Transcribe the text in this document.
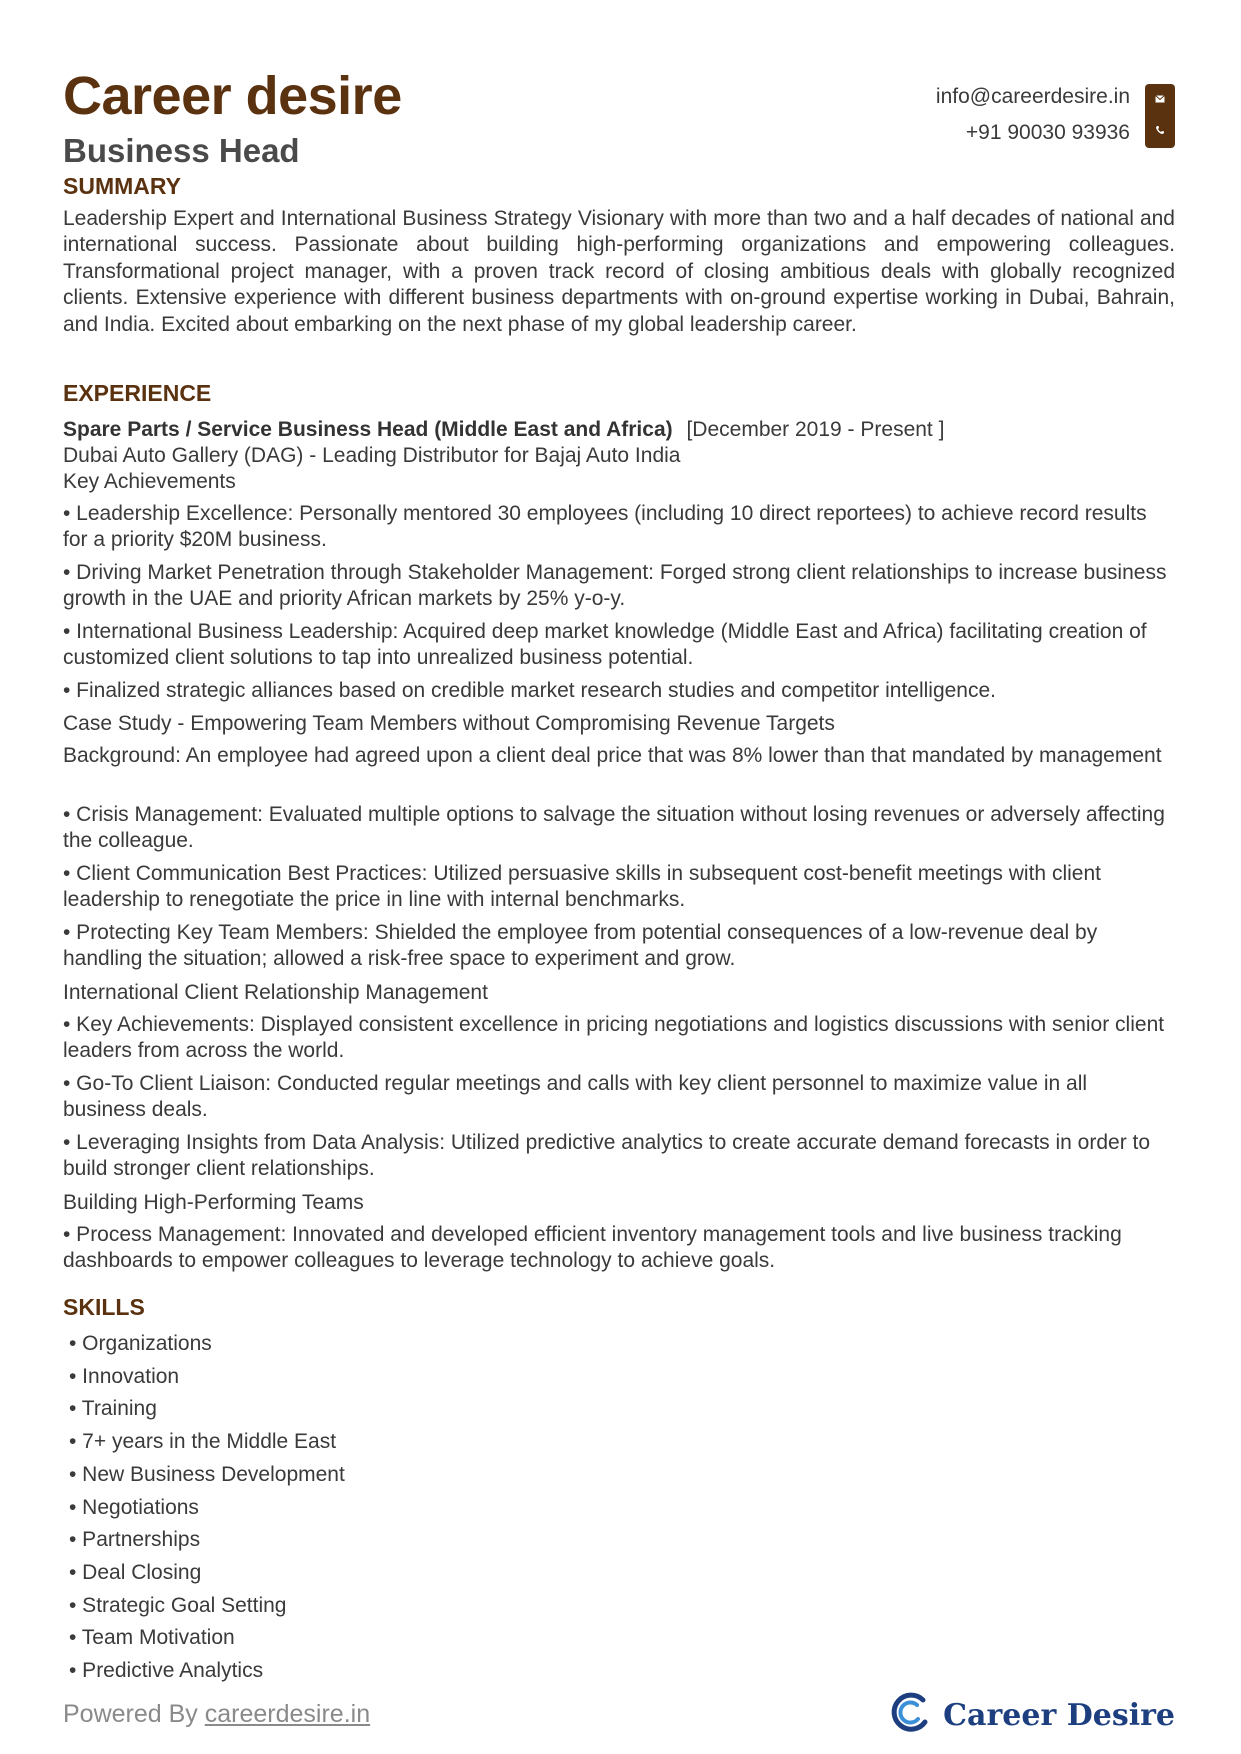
Career desire
Business Head
info@careerdesire.in
+91 90030 93936
SUMMARY
Leadership Expert and International Business Strategy Visionary with more than two and a half decades of national and international success. Passionate about building high-performing organizations and empowering colleagues. Transformational project manager, with a proven track record of closing ambitious deals with globally recognized clients. Extensive experience with different business departments with on-ground expertise working in Dubai, Bahrain, and India. Excited about embarking on the next phase of my global leadership career.
EXPERIENCE
Spare Parts / Service Business Head (Middle East and Africa) [December 2019 - Present ]
Dubai Auto Gallery (DAG) - Leading Distributor for Bajaj Auto India
Key Achievements
• Leadership Excellence: Personally mentored 30 employees (including 10 direct reportees) to achieve record results for a priority $20M business.
• Driving Market Penetration through Stakeholder Management: Forged strong client relationships to increase business growth in the UAE and priority African markets by 25% y-o-y.
• International Business Leadership: Acquired deep market knowledge (Middle East and Africa) facilitating creation of customized client solutions to tap into unrealized business potential.
• Finalized strategic alliances based on credible market research studies and competitor intelligence.
Case Study - Empowering Team Members without Compromising Revenue Targets
Background: An employee had agreed upon a client deal price that was 8% lower than that mandated by management
• Crisis Management: Evaluated multiple options to salvage the situation without losing revenues or adversely affecting the colleague.
• Client Communication Best Practices: Utilized persuasive skills in subsequent cost-benefit meetings with client leadership to renegotiate the price in line with internal benchmarks.
• Protecting Key Team Members: Shielded the employee from potential consequences of a low-revenue deal by handling the situation; allowed a risk-free space to experiment and grow.
International Client Relationship Management
• Key Achievements: Displayed consistent excellence in pricing negotiations and logistics discussions with senior client leaders from across the world.
• Go-To Client Liaison: Conducted regular meetings and calls with key client personnel to maximize value in all business deals.
• Leveraging Insights from Data Analysis: Utilized predictive analytics to create accurate demand forecasts in order to build stronger client relationships.
Building High-Performing Teams
• Process Management: Innovated and developed efficient inventory management tools and live business tracking dashboards to empower colleagues to leverage technology to achieve goals.
SKILLS
• Organizations
• Innovation
• Training
• 7+ years in the Middle East
• New Business Development
• Negotiations
• Partnerships
• Deal Closing
• Strategic Goal Setting
• Team Motivation
• Predictive Analytics
Powered By careerdesire.in	Career Desire
